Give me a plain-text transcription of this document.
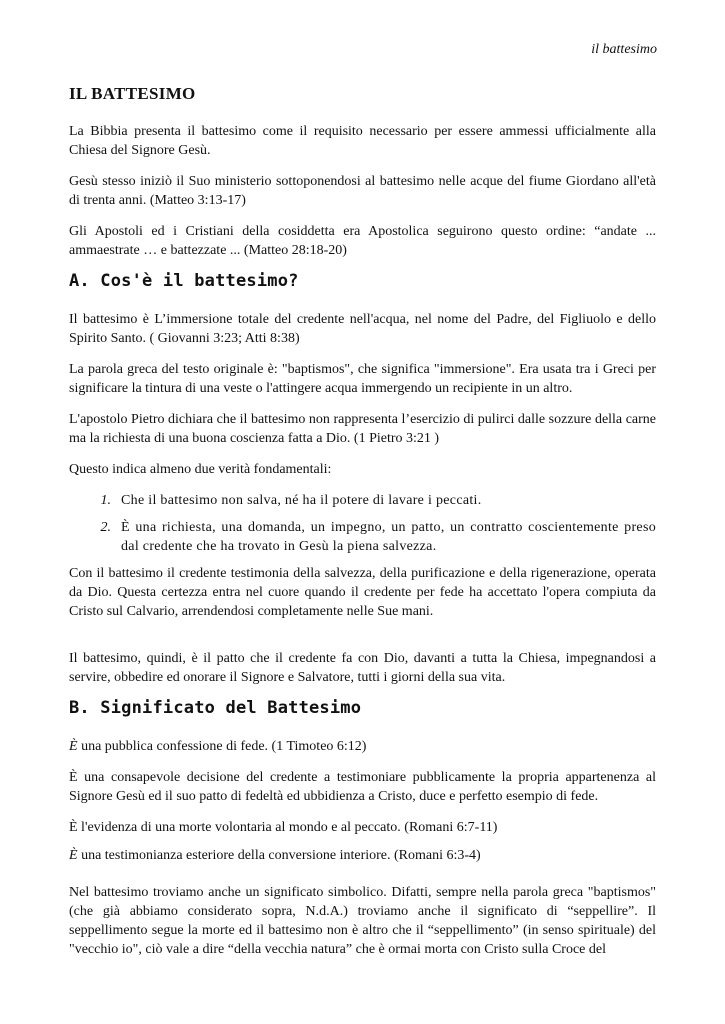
il battesimo
IL BATTESIMO

La Bibbia presenta il battesimo come il requisito necessario per essere ammessi ufficialmente alla Chiesa del Signore Gesù.

Gesù stesso iniziò il Suo ministerio sottoponendosi al battesimo nelle acque del fiume Giordano all'età di trenta anni. (Matteo 3:13-17)

Gli Apostoli ed i Cristiani della cosiddetta era Apostolica seguirono questo ordine: “andate ... ammaestrate … e battezzate ... (Matteo 28:18-20)

A. Cos'è il battesimo?

Il battesimo è L’immersione totale del credente nell'acqua, nel nome del Padre, del Figliuolo e dello Spirito Santo. ( Giovanni 3:23; Atti 8:38)

La parola greca del testo originale è: "baptismos", che significa "immersione". Era usata tra i Greci per significare la tintura di una veste o l'attingere acqua immergendo un recipiente in un altro.

L'apostolo Pietro dichiara che il battesimo non rappresenta l’esercizio di pulirci dalle sozzure della carne ma la richiesta di una buona coscienza fatta a Dio. (1 Pietro 3:21 )

Questo indica almeno due verità fondamentali:

1. Che il battesimo non salva, né ha il potere di lavare i peccati.
2. È una richiesta, una domanda, un impegno, un patto, un contratto coscientemente preso dal credente che ha trovato in Gesù la piena salvezza.

Con il battesimo il credente testimonia della salvezza, della purificazione e della rigenerazione, operata da Dio. Questa certezza entra nel cuore quando il credente per fede ha accettato l'opera compiuta da Cristo sul Calvario, arrendendosi completamente nelle Sue mani.

Il battesimo, quindi, è il patto che il credente fa con Dio, davanti a tutta la Chiesa, impegnandosi a servire, obbedire ed onorare il Signore e Salvatore, tutti i giorni della sua vita.

B. Significato del Battesimo

È una pubblica confessione di fede. (1 Timoteo 6:12)

È una consapevole decisione del credente a testimoniare pubblicamente la propria appartenenza al Signore Gesù ed il suo patto di fedeltà ed ubbidienza a Cristo, duce e perfetto esempio di fede.

È l'evidenza di una morte volontaria al mondo e al peccato. (Romani 6:7-11)

È una testimonianza esteriore della conversione interiore. (Romani 6:3-4)

Nel battesimo troviamo anche un significato simbolico. Difatti, sempre nella parola greca "baptismos" (che già abbiamo considerato sopra, N.d.A.) troviamo anche il significato di “seppellire”. Il seppellimento segue la morte ed il battesimo non è altro che il “seppellimento” (in senso spirituale) del "vecchio io", ciò vale a dire “della vecchia natura” che è ormai morta con Cristo sulla Croce del
